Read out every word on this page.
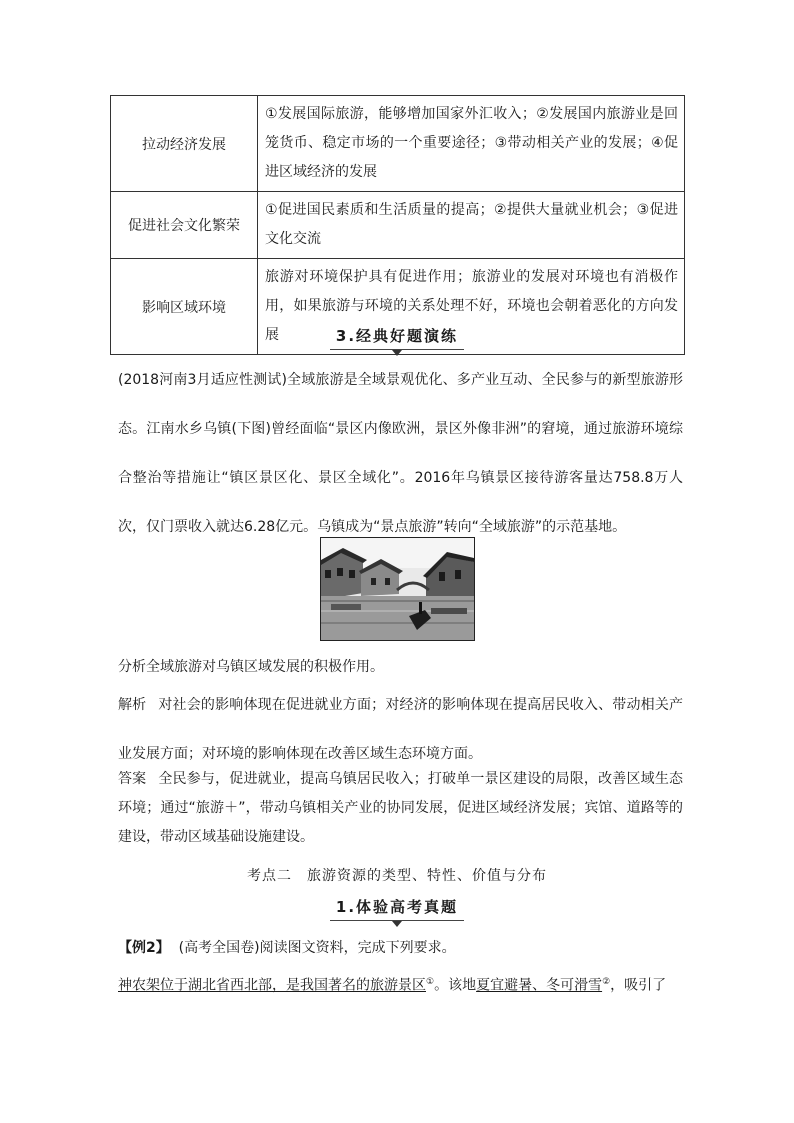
拉动经济发展	①发展国际旅游，能够增加国家外汇收入；②发展国内旅游业是回笼货币、稳定市场的一个重要途径；③带动相关产业的发展；④促进区域经济的发展
促进社会文化繁荣	①促进国民素质和生活质量的提高；②提供大量就业机会；③促进文化交流
影响区域环境	旅游对环境保护具有促进作用；旅游业的发展对环境也有消极作用，如果旅游与环境的关系处理不好，环境也会朝着恶化的方向发展	3.经典好题演练

(2018河南3月适应性测试)全域旅游是全域景观优化、多产业互动、全民参与的新型旅游形态。江南水乡乌镇(下图)曾经面临“景区内像欧洲，景区外像非洲”的窘境，通过旅游环境综合整治等措施让“镇区景区化、景区全域化”。2016年乌镇景区接待游客量达758.8万人次，仅门票收入就达6.28亿元。乌镇成为“景点旅游”转向“全域旅游”的示范基地。

分析全域旅游对乌镇区域发展的积极作用。

解析 对社会的影响体现在促进就业方面；对经济的影响体现在提高居民收入、带动相关产业发展方面；对环境的影响体现在改善区域生态环境方面。

答案 全民参与，促进就业，提高乌镇居民收入；打破单一景区建设的局限，改善区域生态环境；通过“旅游＋”，带动乌镇相关产业的协同发展，促进区域经济发展；宾馆、道路等的建设，带动区域基础设施建设。

考点二　旅游资源的类型、特性、价值与分布
1.体验高考真题

【例2】 (高考全国卷)阅读图文资料，完成下列要求。

神农架位于湖北省西北部，是我国著名的旅游景区①。该地夏宜避暑、冬可滑雪②，吸引了
